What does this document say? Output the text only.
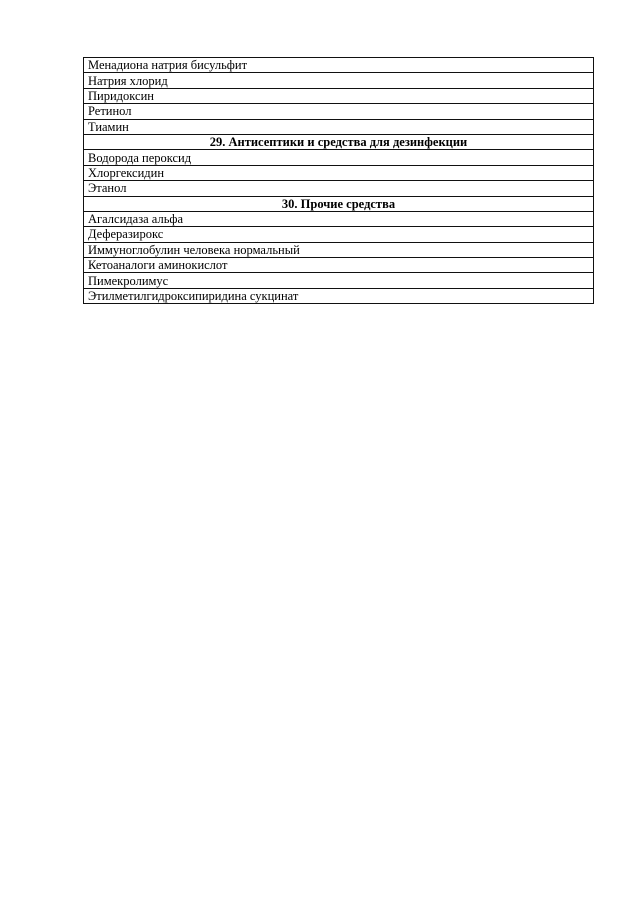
Менадиона натрия бисульфит
Натрия хлорид
Пиридоксин
Ретинол
Тиамин
29. Антисептики и средства для дезинфекции
Водорода пероксид
Хлоргексидин
Этанол
30. Прочие средства
Агалсидаза альфа
Деферазирокс
Иммуноглобулин человека нормальный
Кетоаналоги аминокислот
Пимекролимус
Этилметилгидроксипиридина сукцинат
